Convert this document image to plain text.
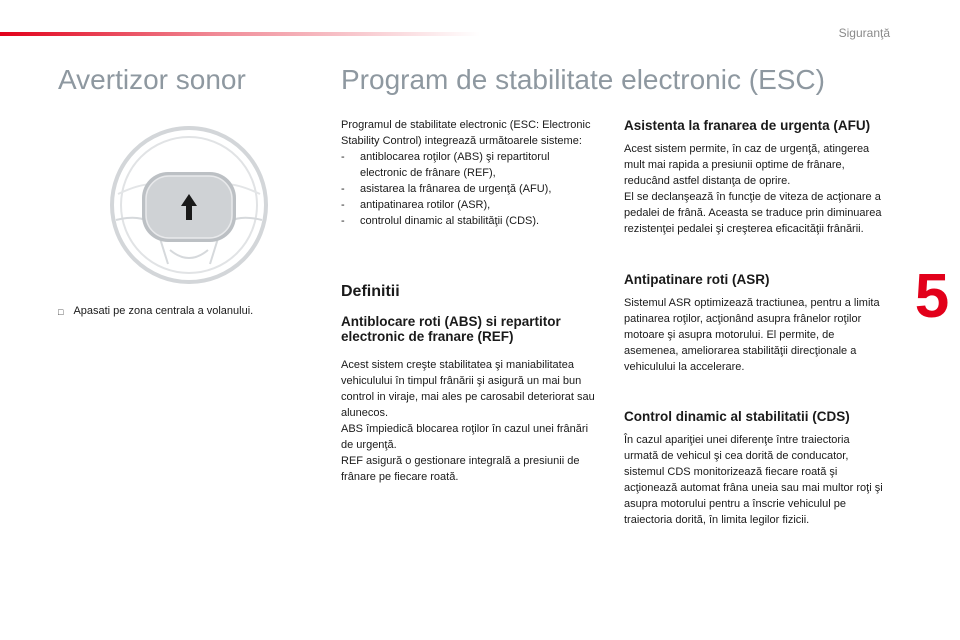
Siguranţă
5
Avertizor sonor	Program de stabilitate electronic (ESC)
□ Apasati pe zona centrala a volanului.
Programul de stabilitate electronic (ESC: Electronic Stability Control) integrează următoarele sisteme:
- antiblocarea roţilor (ABS) şi repartitorul electronic de frânare (REF),
- asistarea la frânarea de urgenţă (AFU),
- antipatinarea rotilor (ASR),
- controlul dinamic al stabilităţii (CDS).
Definitii
Antiblocare roti (ABS) si repartitor electronic de franare (REF)
Acest sistem creşte stabilitatea şi maniabilitatea vehiculului în timpul frânării şi asigură un mai bun control in viraje, mai ales pe carosabil deteriorat sau alunecos.
ABS împiedică blocarea roţilor în cazul unei frânări de urgenţă.
REF asigură o gestionare integrală a presiunii de frânare pe fiecare roată.
Asistenta la franarea de urgenta (AFU)
Acest sistem permite, în caz de urgenţă, atingerea mult mai rapida a presiunii optime de frânare, reducând astfel distanţa de oprire.
El se declanşează în funcţie de viteza de acţionare a pedalei de frână. Aceasta se traduce prin diminuarea rezistenţei pedalei şi creşterea eficacităţii frânării.
Antipatinare roti (ASR)
Sistemul ASR optimizează tractiunea, pentru a limita patinarea roţilor, acţionând asupra frânelor roţilor motoare şi asupra motorului. El permite, de asemenea, ameliorarea stabilităţii direcţionale a vehiculului la accelerare.
Control dinamic al stabilitatii (CDS)
În cazul apariţiei unei diferenţe între traiectoria urmată de vehicul şi cea dorită de conducator, sistemul CDS monitorizează fiecare roată şi acţionează automat frâna uneia sau mai multor roţi şi asupra motorului pentru a înscrie vehiculul pe traiectoria dorită, în limita legilor fizicii.
